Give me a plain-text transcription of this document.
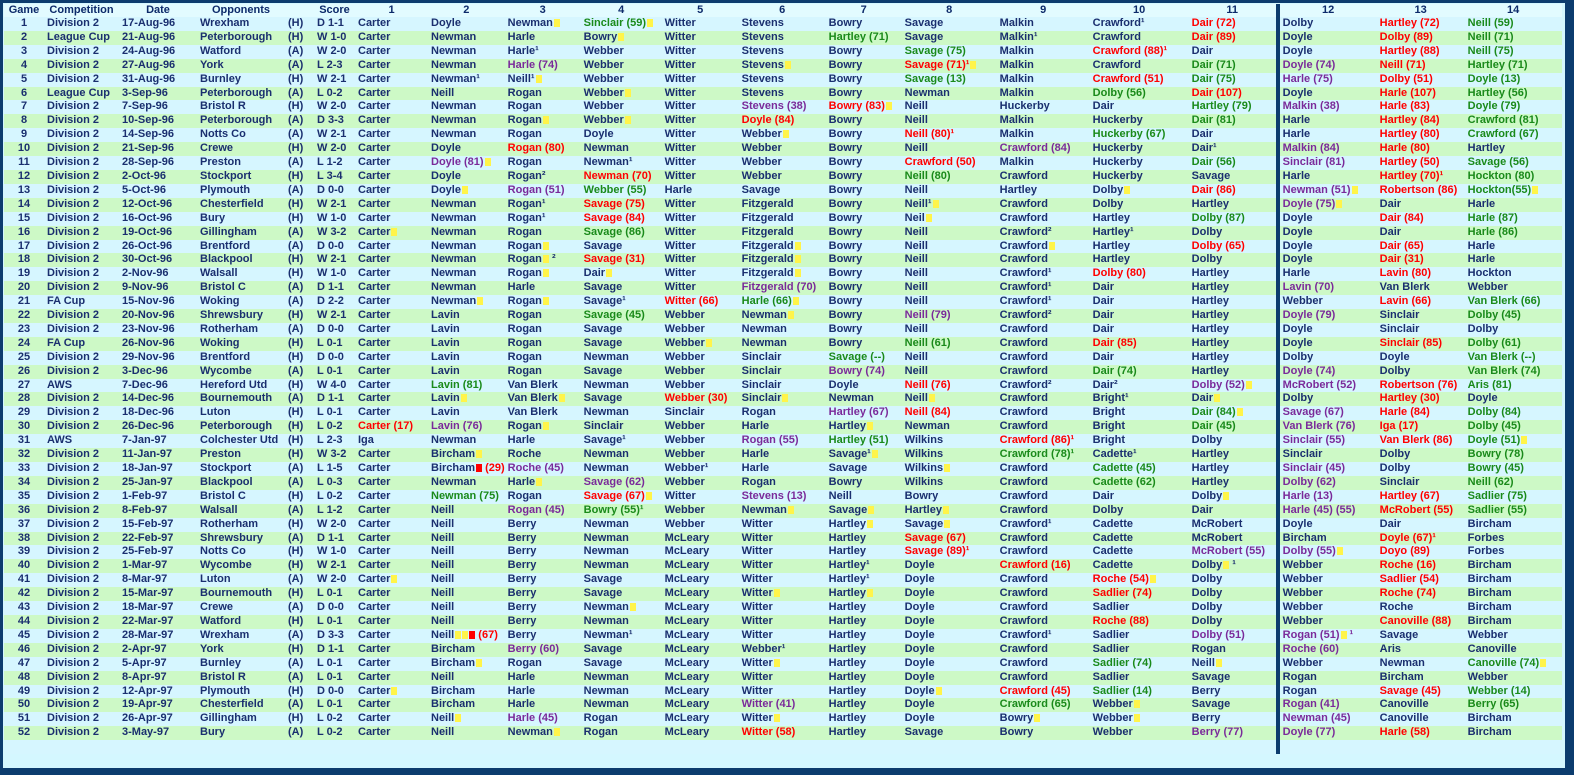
Game	Competition	Date	Opponents		Score	1	2	3	4	5	6	7	8	9	10	11		12	13	14
1	Division 2	17-Aug-96	Wrexham	(H)	D 1-1	Carter	Doyle	Newman	Sinclair (59)	Witter	Stevens	Bowry	Savage	Malkin	Crawford¹	Dair (72)		Dolby	Hartley (72)	Neill (59)
2	League Cup	21-Aug-96	Peterborough	(H)	W 1-0	Carter	Newman	Harle	Bowry	Witter	Stevens	Hartley (71)	Savage	Malkin¹	Crawford	Dair (89)		Doyle	Dolby (89)	Neill (71)
3	Division 2	24-Aug-96	Watford	(A)	W 2-0	Carter	Newman	Harle¹	Webber	Witter	Stevens	Bowry	Savage (75)	Malkin	Crawford (88)¹	Dair		Doyle	Hartley (88)	Neill (75)
4	Division 2	27-Aug-96	York	(A)	L 2-3	Carter	Newman	Harle (74)	Webber	Witter	Stevens	Bowry	Savage (71)¹	Malkin	Crawford	Dair (71)		Doyle (74)	Neill (71)	Hartley (71)
5	Division 2	31-Aug-96	Burnley	(H)	W 2-1	Carter	Newman¹	Neill¹	Webber	Witter	Stevens	Bowry	Savage (13)	Malkin	Crawford (51)	Dair (75)		Harle (75)	Dolby (51)	Doyle (13)
6	League Cup	3-Sep-96	Peterborough	(A)	L 0-2	Carter	Neill	Rogan	Webber	Witter	Stevens	Bowry	Newman	Malkin	Dolby (56)	Dair (107)		Doyle	Harle (107)	Hartley (56)
7	Division 2	7-Sep-96	Bristol R	(H)	W 2-0	Carter	Newman	Rogan	Webber	Witter	Stevens (38)	Bowry (83)	Neill	Huckerby	Dair	Hartley (79)		Malkin (38)	Harle (83)	Doyle (79)
8	Division 2	10-Sep-96	Peterborough	(A)	D 3-3	Carter	Newman	Rogan	Webber	Witter	Doyle (84)	Bowry	Neill	Malkin	Huckerby	Dair (81)		Harle	Hartley (84)	Crawford (81)
9	Division 2	14-Sep-96	Notts Co	(A)	W 2-1	Carter	Newman	Rogan	Doyle	Witter	Webber	Bowry	Neill (80)¹	Malkin	Huckerby (67)	Dair		Harle	Hartley (80)	Crawford (67)
10	Division 2	21-Sep-96	Crewe	(H)	W 2-0	Carter	Doyle	Rogan (80)	Newman	Witter	Webber	Bowry	Neill	Crawford (84)	Huckerby	Dair¹		Malkin (84)	Harle (80)	Hartley
11	Division 2	28-Sep-96	Preston	(A)	L 1-2	Carter	Doyle (81)	Rogan	Newman¹	Witter	Webber	Bowry	Crawford (50)	Malkin	Huckerby	Dair (56)		Sinclair (81)	Hartley (50)	Savage (56)
12	Division 2	2-Oct-96	Stockport	(H)	L 3-4	Carter	Doyle	Rogan²	Newman (70)	Witter	Webber	Bowry	Neill (80)	Crawford	Huckerby	Savage		Harle	Hartley (70)¹	Hockton (80)
13	Division 2	5-Oct-96	Plymouth	(A)	D 0-0	Carter	Doyle	Rogan (51)	Webber (55)	Harle	Savage	Bowry	Neill	Hartley	Dolby	Dair (86)		Newman (51)	Robertson (86)	Hockton(55)
14	Division 2	12-Oct-96	Chesterfield	(H)	W 2-1	Carter	Newman	Rogan¹	Savage (75)	Witter	Fitzgerald	Bowry	Neill¹	Crawford	Dolby	Hartley		Doyle (75)	Dair	Harle
15	Division 2	16-Oct-96	Bury	(H)	W 1-0	Carter	Newman	Rogan¹	Savage (84)	Witter	Fitzgerald	Bowry	Neil	Crawford	Hartley	Dolby (87)		Doyle	Dair (84)	Harle (87)
16	Division 2	19-Oct-96	Gillingham	(A)	W 3-2	Carter	Newman	Rogan	Savage (86)	Witter	Fitzgerald	Bowry	Neill	Crawford²	Hartley¹	Dolby		Doyle	Dair	Harle (86)
17	Division 2	26-Oct-96	Brentford	(A)	D 0-0	Carter	Newman	Rogan	Savage	Witter	Fitzgerald	Bowry	Neill	Crawford	Hartley	Dolby (65)		Doyle	Dair (65)	Harle
18	Division 2	30-Oct-96	Blackpool	(H)	W 2-1	Carter	Newman	Rogan ²	Savage (31)	Witter	Fitzgerald	Bowry	Neill	Crawford	Hartley	Dolby		Doyle	Dair (31)	Harle
19	Division 2	2-Nov-96	Walsall	(H)	W 1-0	Carter	Newman	Rogan	Dair	Witter	Fitzgerald	Bowry	Neill	Crawford¹	Dolby (80)	Hartley		Harle	Lavin (80)	Hockton
20	Division 2	9-Nov-96	Bristol C	(A)	D 1-1	Carter	Newman	Harle	Savage	Witter	Fitzgerald (70)	Bowry	Neill	Crawford¹	Dair	Hartley		Lavin (70)	Van Blerk	Webber
21	FA Cup	15-Nov-96	Woking	(A)	D 2-2	Carter	Newman	Rogan	Savage¹	Witter (66)	Harle (66)	Bowry	Neill	Crawford¹	Dair	Hartley		Webber	Lavin (66)	Van Blerk (66)
22	Division 2	20-Nov-96	Shrewsbury	(H)	W 2-1	Carter	Lavin	Rogan	Savage (45)	Webber	Newman	Bowry	Neill (79)	Crawford²	Dair	Hartley		Doyle (79)	Sinclair	Dolby (45)
23	Division 2	23-Nov-96	Rotherham	(A)	D 0-0	Carter	Lavin	Rogan	Savage	Webber	Newman	Bowry	Neill	Crawford	Dair	Hartley		Doyle	Sinclair	Dolby
24	FA Cup	26-Nov-96	Woking	(H)	L 0-1	Carter	Lavin	Rogan	Savage	Webber	Newman	Bowry	Neill (61)	Crawford	Dair (85)	Hartley		Doyle	Sinclair (85)	Dolby (61)
25	Division 2	29-Nov-96	Brentford	(H)	D 0-0	Carter	Lavin	Rogan	Newman	Webber	Sinclair	Savage (--)	Neill	Crawford	Dair	Hartley		Dolby	Doyle	Van Blerk (--)
26	Division 2	3-Dec-96	Wycombe	(A)	L 0-1	Carter	Lavin	Rogan	Savage	Webber	Sinclair	Bowry (74)	Neill	Crawford	Dair (74)	Hartley		Doyle (74)	Dolby	Van Blerk (74)
27	AWS	7-Dec-96	Hereford Utd	(H)	W 4-0	Carter	Lavin (81)	Van Blerk	Newman	Webber	Sinclair	Doyle	Neill (76)	Crawford²	Dair²	Dolby (52)		McRobert (52)	Robertson (76)	Aris (81)
28	Division 2	14-Dec-96	Bournemouth	(A)	D 1-1	Carter	Lavin	Van Blerk	Savage	Webber (30)	Sinclair	Newman	Neill	Crawford	Bright¹	Dair		Dolby	Hartley (30)	Doyle
29	Division 2	18-Dec-96	Luton	(H)	L 0-1	Carter	Lavin	Van Blerk	Newman	Sinclair	Rogan	Hartley (67)	Neill (84)	Crawford	Bright	Dair (84)		Savage (67)	Harle (84)	Dolby (84)
30	Division 2	26-Dec-96	Peterborough	(H)	L 0-2	Carter (17)	Lavin (76)	Rogan	Sinclair	Webber	Harle	Hartley	Newman	Crawford	Bright	Dair (45)		Van Blerk (76)	Iga (17)	Dolby (45)
31	AWS	7-Jan-97	Colchester Utd	(H)	L 2-3	Iga	Newman	Harle	Savage¹	Webber	Rogan (55)	Hartley (51)	Wilkins	Crawford (86)¹	Bright	Dolby		Sinclair (55)	Van Blerk (86)	Doyle (51)
32	Division 2	11-Jan-97	Preston	(H)	W 3-2	Carter	Bircham	Roche	Newman	Webber	Harle	Savage¹	Wilkins	Crawford (78)¹	Cadette¹	Hartley		Sinclair	Dolby	Bowry (78)
33	Division 2	18-Jan-97	Stockport	(A)	L 1-5	Carter	Bircham (29)	Roche (45)	Newman	Webber¹	Harle	Savage	Wilkins	Crawford	Cadette (45)	Hartley		Sinclair (45)	Dolby	Bowry (45)
34	Division 2	25-Jan-97	Blackpool	(A)	L 0-3	Carter	Newman	Harle	Savage (62)	Webber	Rogan	Bowry	Wilkins	Crawford	Cadette (62)	Hartley		Dolby (62)	Sinclair	Neill (62)
35	Division 2	1-Feb-97	Bristol C	(H)	L 0-2	Carter	Newman (75)	Rogan	Savage (67)	Witter	Stevens (13)	Neill	Bowry	Crawford	Dair	Dolby		Harle (13)	Hartley (67)	Sadlier (75)
36	Division 2	8-Feb-97	Walsall	(A)	L 1-2	Carter	Neill	Rogan (45)	Bowry (55)¹	Webber	Newman	Savage	Hartley	Crawford	Dolby	Dair		Harle (45) (55)	McRobert (55)	Sadlier (55)
37	Division 2	15-Feb-97	Rotherham	(H)	W 2-0	Carter	Neill	Berry	Newman	Webber	Witter	Hartley	Savage	Crawford¹	Cadette	McRobert		Doyle	Dair	Bircham
38	Division 2	22-Feb-97	Shrewsbury	(A)	D 1-1	Carter	Neill	Berry	Newman	McLeary	Witter	Hartley	Savage (67)	Crawford	Cadette	McRobert		Bircham	Doyle (67)¹	Forbes
39	Division 2	25-Feb-97	Notts Co	(H)	W 1-0	Carter	Neill	Berry	Newman	McLeary	Witter	Hartley	Savage (89)¹	Crawford	Cadette	McRobert (55)		Dolby (55)	Doyo (89)	Forbes
40	Division 2	1-Mar-97	Wycombe	(H)	W 2-1	Carter	Neill	Berry	Newman	McLeary	Witter	Hartley¹	Doyle	Crawford (16)	Cadette	Dolby ¹		Webber	Roche (16)	Bircham
41	Division 2	8-Mar-97	Luton	(A)	W 2-0	Carter	Neill	Berry	Savage	McLeary	Witter	Hartley¹	Doyle	Crawford	Roche (54)	Dolby		Webber	Sadlier (54)	Bircham
42	Division 2	15-Mar-97	Bournemouth	(H)	L 0-1	Carter	Neill	Berry	Savage	McLeary	Witter	Hartley	Doyle	Crawford	Sadlier (74)	Dolby		Webber	Roche (74)	Bircham
43	Division 2	18-Mar-97	Crewe	(A)	D 0-0	Carter	Neill	Berry	Newman	McLeary	Witter	Hartley	Doyle	Crawford	Sadlier	Dolby		Webber	Roche	Bircham
44	Division 2	22-Mar-97	Watford	(H)	L 0-1	Carter	Neill	Berry	Newman	McLeary	Witter	Hartley	Doyle	Crawford	Roche (88)	Dolby		Webber	Canoville (88)	Bircham
45	Division 2	28-Mar-97	Wrexham	(A)	D 3-3	Carter	Neill (67)	Berry	Newman¹	McLeary	Witter	Hartley	Doyle	Crawford¹	Sadlier	Dolby (51)		Rogan (51) ¹	Savage	Webber
46	Division 2	2-Apr-97	York	(H)	D 1-1	Carter	Bircham	Berry (60)	Savage	McLeary	Webber¹	Hartley	Doyle	Crawford	Sadlier	Rogan		Roche (60)	Aris	Canoville
47	Division 2	5-Apr-97	Burnley	(A)	L 0-1	Carter	Bircham	Rogan	Savage	McLeary	Witter	Hartley	Doyle	Crawford	Sadlier (74)	Neill		Webber	Newman	Canoville (74)
48	Division 2	8-Apr-97	Bristol R	(A)	L 0-1	Carter	Neill	Harle	Newman	McLeary	Witter	Hartley	Doyle	Crawford	Sadlier	Savage		Rogan	Bircham	Webber
49	Division 2	12-Apr-97	Plymouth	(H)	D 0-0	Carter	Bircham	Harle	Newman	McLeary	Witter	Hartley	Doyle	Crawford (45)	Sadlier (14)	Berry		Rogan	Savage (45)	Webber (14)
50	Division 2	19-Apr-97	Chesterfield	(A)	L 0-1	Carter	Bircham	Harle	Newman	McLeary	Witter (41)	Hartley	Doyle	Crawford (65)	Webber	Savage		Rogan (41)	Canoville	Berry (65)
51	Division 2	26-Apr-97	Gillingham	(H)	L 0-2	Carter	Neill	Harle (45)	Rogan	McLeary	Witter	Hartley	Doyle	Bowry	Webber	Berry		Newman (45)	Canoville	Bircham
52	Division 2	3-May-97	Bury	(A)	L 0-2	Carter	Neill	Newman	Rogan	McLeary	Witter (58)	Hartley	Savage	Bowry	Webber	Berry (77)		Doyle (77)	Harle (58)	Bircham
